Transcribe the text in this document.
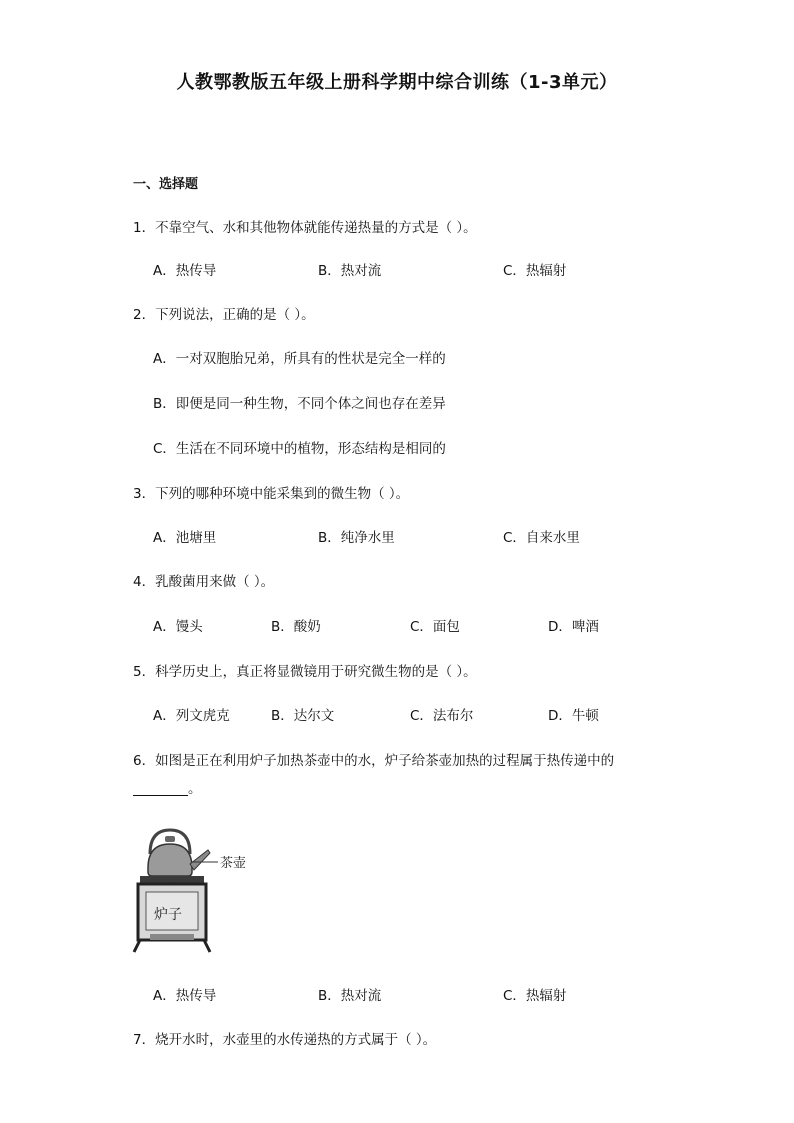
人教鄂教版五年级上册科学期中综合训练（1-3单元）
一、选择题
1．不靠空气、水和其他物体就能传递热量的方式是（ ）。
A．热传导	B．热对流	C．热辐射
2．下列说法，正确的是（ ）。
A．一对双胞胎兄弟，所具有的性状是完全一样的
B．即便是同一种生物，不同个体之间也存在差异
C．生活在不同环境中的植物，形态结构是相同的
3．下列的哪种环境中能采集到的微生物（ ）。
A．池塘里	B．纯净水里	C．自来水里
4．乳酸菌用来做（ ）。
A．馒头	B．酸奶	C．面包	D．啤酒
5．科学历史上，真正将显微镜用于研究微生物的是（ ）。
A．列文虎克	B．达尔文	C．法布尔	D．牛顿
6．如图是正在利用炉子加热茶壶中的水，炉子给茶壶加热的过程属于热传递中的
。
茶壶
炉子
A．热传导	B．热对流	C．热辐射
7．烧开水时，水壶里的水传递热的方式属于（ ）。
